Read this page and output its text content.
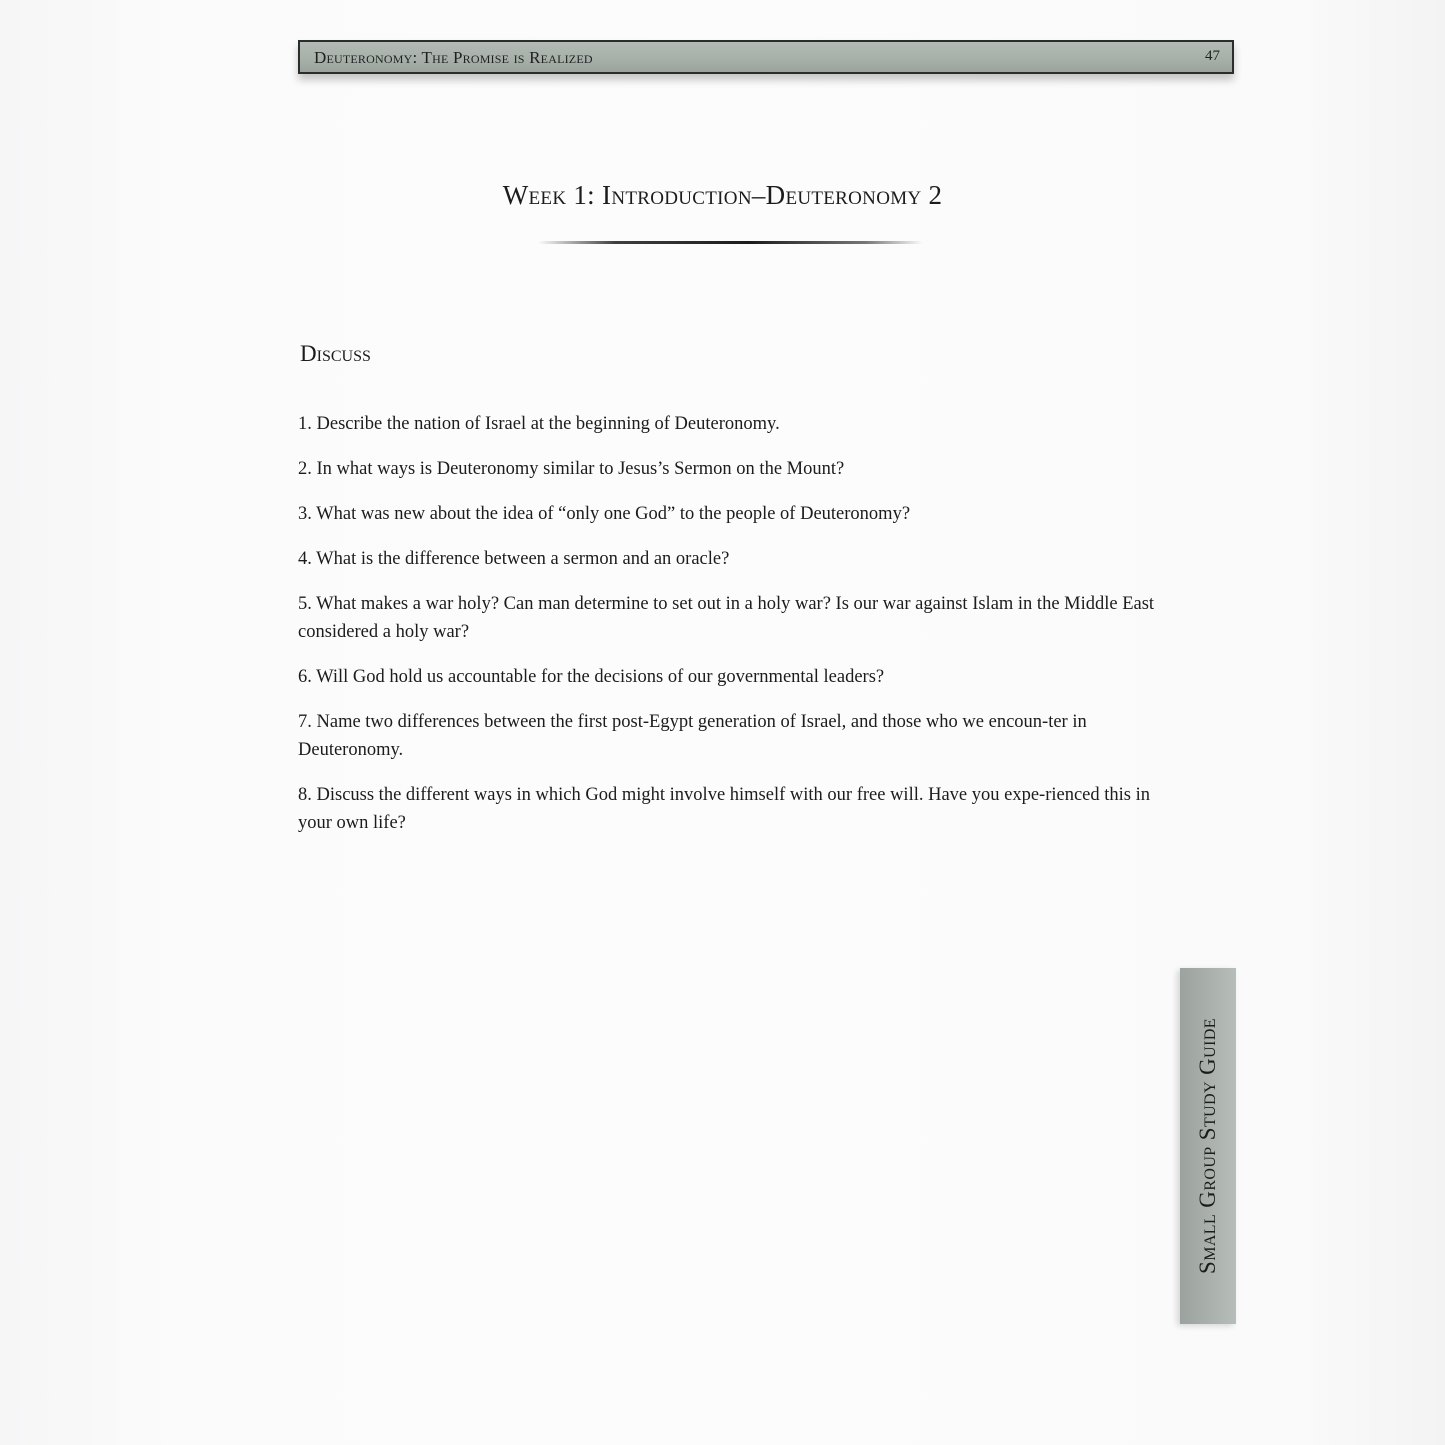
Deuteronomy: The Promise is Realized	47
Week 1: Introduction–Deuteronomy 2
Discuss
1. Describe the nation of Israel at the beginning of Deuteronomy.
2. In what ways is Deuteronomy similar to Jesus’s Sermon on the Mount?
3. What was new about the idea of “only one God” to the people of Deuteronomy?
4. What is the difference between a sermon and an oracle?
5. What makes a war holy? Can man determine to set out in a holy war? Is our war against Islam in the Middle East considered a holy war?
6. Will God hold us accountable for the decisions of our governmental leaders?
7. Name two differences between the first post-Egypt generation of Israel, and those who we encoun-ter in Deuteronomy.
8. Discuss the different ways in which God might involve himself with our free will. Have you expe-rienced this in your own life?
Small Group Study Guide
